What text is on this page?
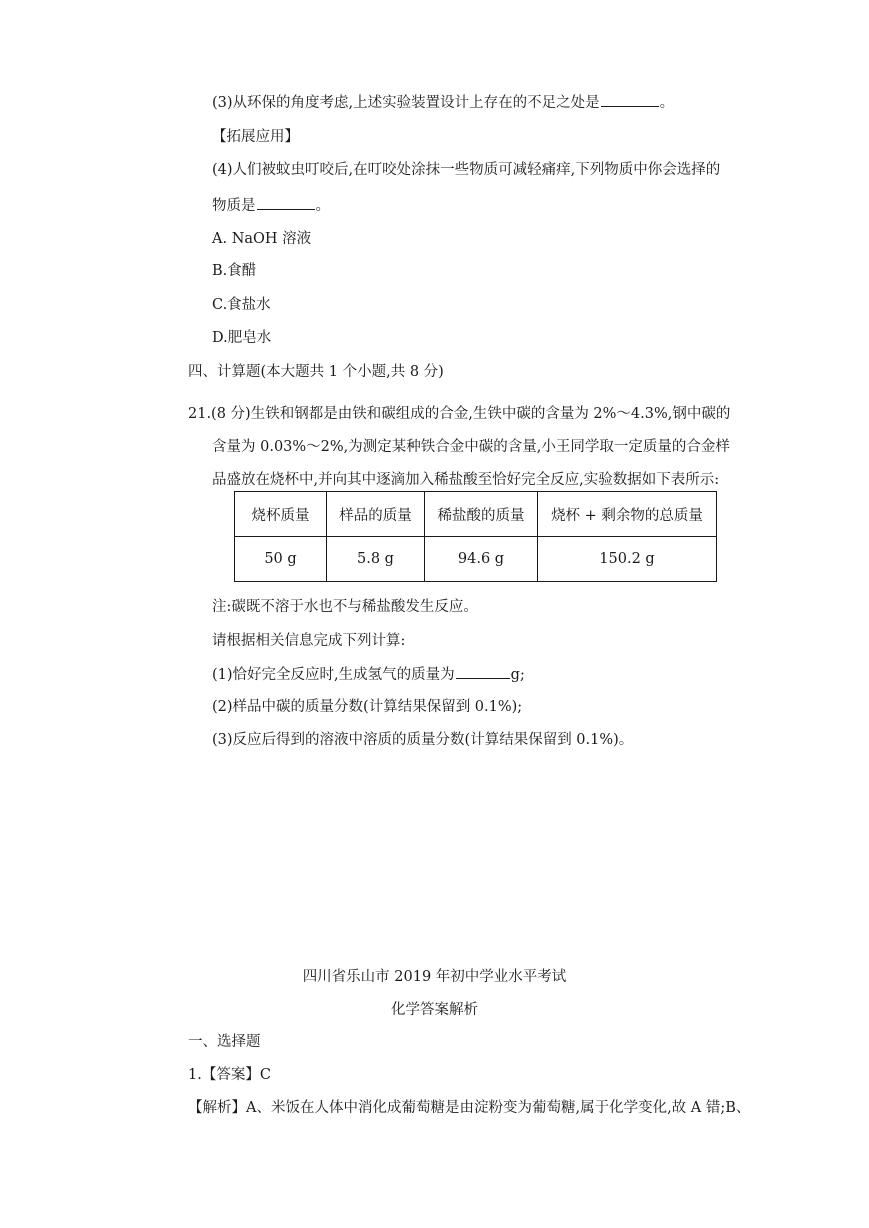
(3)从环保的角度考虑,上述实验装置设计上存在的不足之处是	。
【拓展应用】
(4)人们被蚊虫叮咬后,在叮咬处涂抹一些物质可减轻痛痒,下列物质中你会选择的
物质是	。
A. NaOH 溶液
B.食醋
C.食盐水
D.肥皂水
四、计算题(本大题共 1 个小题,共 8 分)
21.(8 分)生铁和钢都是由铁和碳组成的合金,生铁中碳的含量为 2%～4.3%,钢中碳的
含量为 0.03%～2%,为测定某种铁合金中碳的含量,小王同学取一定质量的合金样
品盛放在烧杯中,并向其中逐滴加入稀盐酸至恰好完全反应,实验数据如下表所示:
烧杯质量	样品的质量	稀盐酸的质量	烧杯 + 剩余物的总质量
50 g	5.8 g	94.6 g	150.2 g
注:碳既不溶于水也不与稀盐酸发生反应。
请根据相关信息完成下列计算:
(1)恰好完全反应时,生成氢气的质量为	g;
(2)样品中碳的质量分数(计算结果保留到 0.1%);
(3)反应后得到的溶液中溶质的质量分数(计算结果保留到 0.1%)。
四川省乐山市 2019 年初中学业水平考试
化学答案解析
一、选择题
1.【答案】C
【解析】A、米饭在人体中消化成葡萄糖是由淀粉变为葡萄糖,属于化学变化,故 A 错;B、
